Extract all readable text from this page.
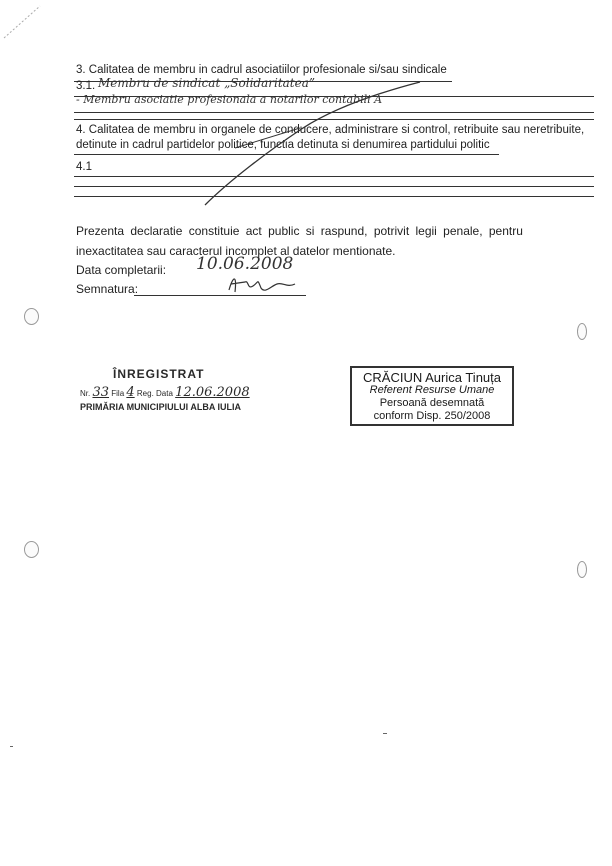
3. Calitatea de membru in cadrul asociatiilor profesionale si/sau sindicale
3.1. Membru de sindicat „Solidaritatea”
- Membru asociatie profesionala a notarilor contabili A
4. Calitatea de membru in organele de conducere, administrare si control, retribuite sau neretribuite,
detinute in cadrul partidelor politice, functia detinuta si denumirea partidului politic
4.1
Prezenta declaratie constituie act public si raspund, potrivit legii penale, pentru
inexactitatea sau caracterul incomplet al datelor mentionate.
Data completarii: 10.06.2008
Semnatura:
ÎNREGISTRAT
Nr. 33 Fila 4 Reg. Data 12.06.2008
PRIMĂRIA MUNICIPIULUI ALBA IULIA
CRĂCIUN Aurica Tinuța
Referent Resurse Umane
Persoană desemnată
conform Disp. 250/2008
